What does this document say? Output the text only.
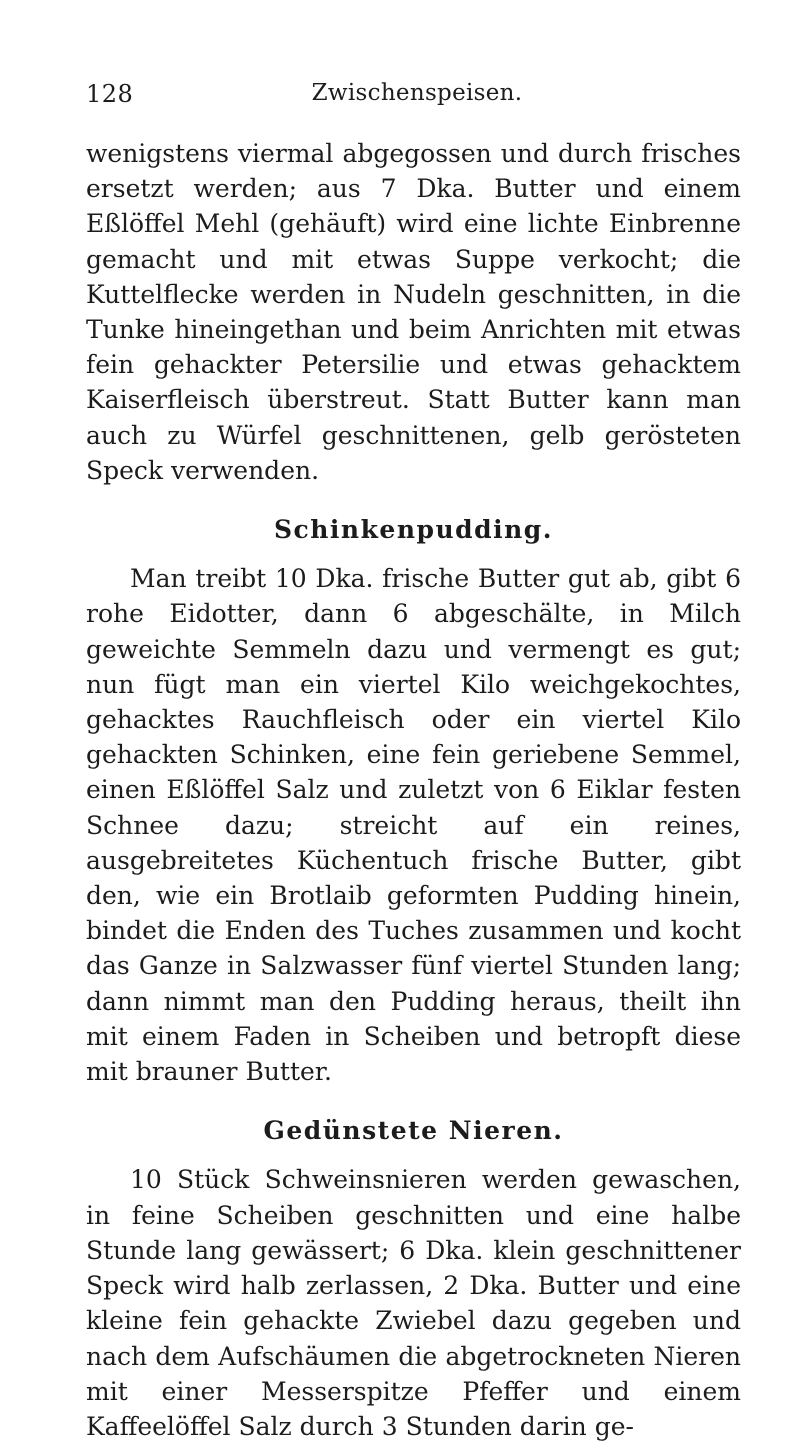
128	Zwischenspeisen.

wenigstens viermal abgegossen und durch frisches ersetzt werden; aus 7 Dka. Butter und einem Eßlöffel Mehl (gehäuft) wird eine lichte Einbrenne gemacht und mit etwas Suppe verkocht; die Kuttelflecke werden in Nudeln geschnitten, in die Tunke hineingethan und beim Anrichten mit etwas fein gehackter Petersilie und etwas gehacktem Kaiserfleisch überstreut. Statt Butter kann man auch zu Würfel geschnittenen, gelb gerösteten Speck verwenden.

Schinkenpudding.

Man treibt 10 Dka. frische Butter gut ab, gibt 6 rohe Eidotter, dann 6 abgeschälte, in Milch geweichte Semmeln dazu und vermengt es gut; nun fügt man ein viertel Kilo weichgekochtes, gehacktes Rauchfleisch oder ein viertel Kilo gehackten Schinken, eine fein geriebene Semmel, einen Eßlöffel Salz und zuletzt von 6 Eiklar festen Schnee dazu; streicht auf ein reines, ausgebreitetes Küchentuch frische Butter, gibt den, wie ein Brotlaib geformten Pudding hinein, bindet die Enden des Tuches zusammen und kocht das Ganze in Salzwasser fünf viertel Stunden lang; dann nimmt man den Pudding heraus, theilt ihn mit einem Faden in Scheiben und betropft diese mit brauner Butter.

Gedünstete Nieren.

10 Stück Schweinsnieren werden gewaschen, in feine Scheiben geschnitten und eine halbe Stunde lang gewässert; 6 Dka. klein geschnittener Speck wird halb zerlassen, 2 Dka. Butter und eine kleine fein gehackte Zwiebel dazu gegeben und nach dem Aufschäumen die abgetrockneten Nieren mit einer Messerspitze Pfeffer und einem Kaffeelöffel Salz durch 3 Stunden darin ge-
